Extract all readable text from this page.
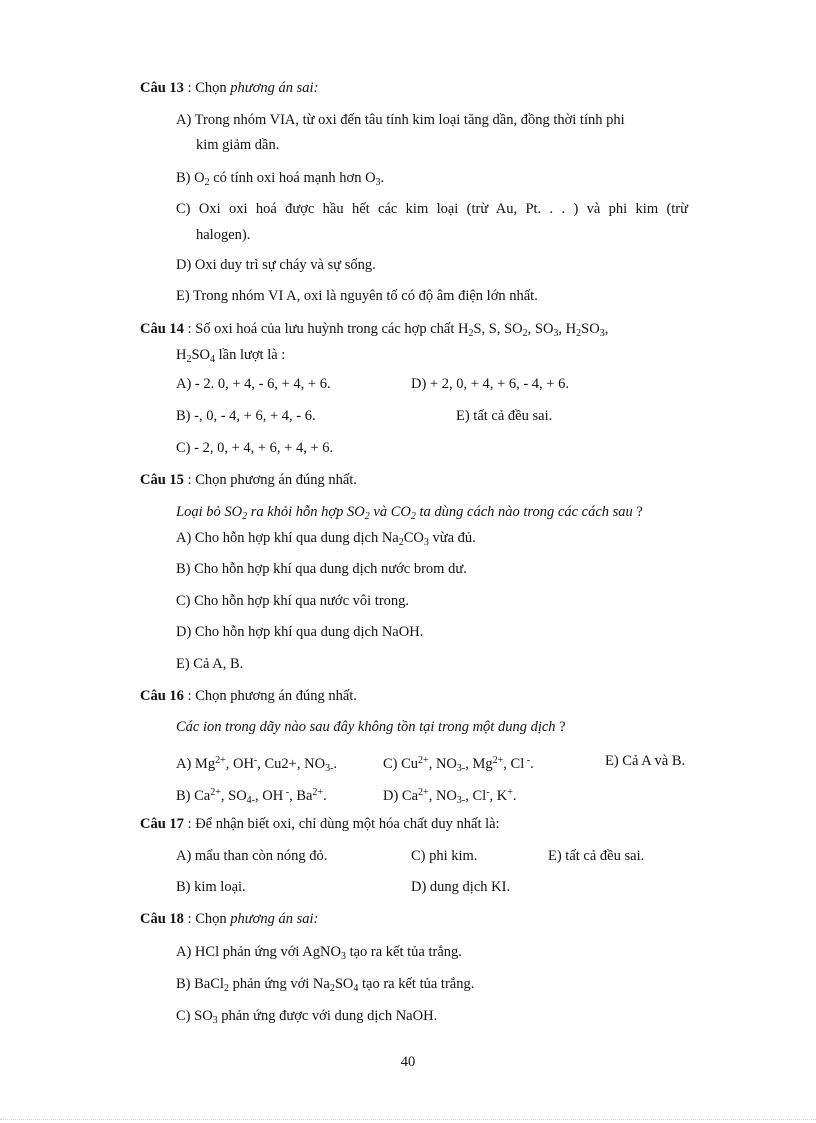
Câu 13 : Chọn phương án sai:
A) Trong nhóm VIA, từ oxi đến tâu tính kim loại tăng dần, đồng thời tính phi
kim giảm dần.
B) $O_2$ có tính oxi hoá mạnh hơn $O_3$.
C) Oxi oxi hoá được hầu hết các kim loại (trừ Au, Pt. . . ) và phi kim (trừ
halogen).
D) Oxi duy trì sự cháy và sự sống.
E) Trong nhóm VI A, oxi là nguyên tố có độ âm điện lớn nhất.
Câu 14 : Số oxi hoá của lưu huỳnh trong các hợp chất $H_2S$, S, $SO_2$, $SO_3$, $H_2SO_3$,
$H_2SO_4$ lần lượt là :
A) - 2. 0, + 4, - 6, + 4, + 6.	D) + 2, 0, + 4, + 6, - 4, + 6.
B) -, 0, - 4, + 6, + 4, - 6.	E) tất cả đều sai.
C) - 2, 0, + 4, + 6, + 4, + 6.
Câu 15 : Chọn phương án đúng nhất.
Loại bỏ $SO_2$ ra khỏi hỗn hợp $SO_2$ và $CO_2$ ta dùng cách nào trong các cách sau ?
A) Cho hỗn hợp khí qua dung dịch $Na_2CO_3$ vừa đủ.
B) Cho hỗn hợp khí qua dung dịch nước brom dư.
C) Cho hỗn hợp khí qua nước vôi trong.
D) Cho hỗn hợp khí qua dung dịch NaOH.
E) Cả A, B.
Câu 16 : Chọn phương án đúng nhất.
Các ion trong dãy nào sau đây không tồn tại trong một dung dịch ?
A) $Mg^{2+}$, OH-, Cu2+, $NO_{3-}$.	C) $Cu^{2+}$, $NO_{3-}$, $Mg^{2+}$, Cl -.	E) Cả A và B.
B) $Ca^{2+}$, $SO_{4-}$, OH -, $Ba^{2+}$.	D) $Ca^{2+}$, $NO_{3-}$, Cl-, K+.
Câu 17 : Để nhận biết oxi, chỉ dùng một hóa chất duy nhất là:
A) mẩu than còn nóng đỏ.	C) phi kim.	E) tất cả đều sai.
B) kim loại.	D) dung dịch KI.
Câu 18 : Chọn phương án sai:
A) HCl phản ứng với AgNO$_3$ tạo ra kết tủa trắng.
B) BaCl$_2$ phản ứng với $Na_2SO_4$ tạo ra kết tủa trắng.
C) $SO_3$ phản ứng được với dung dịch NaOH.
40
